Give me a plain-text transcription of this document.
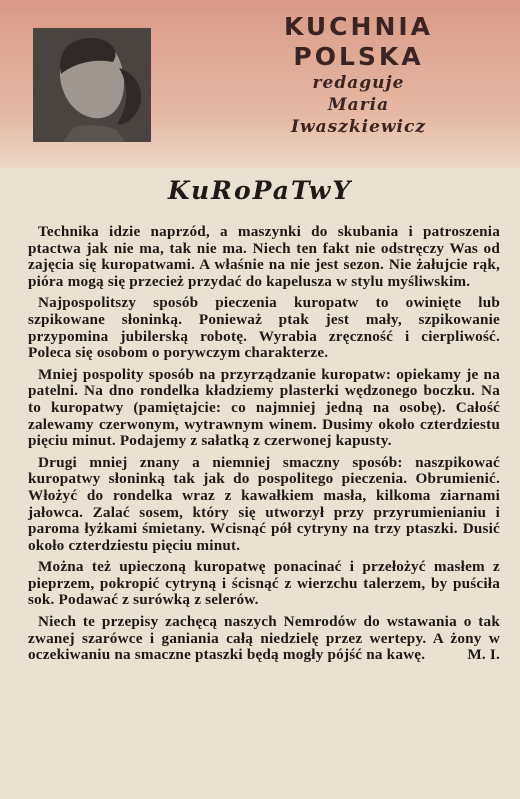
KUCHNIA
POLSKA
redaguje
Maria
Iwaszkiewicz
KuRoPaTwY

Technika idzie naprzód, a maszynki do skubania i patroszenia ptactwa jak nie ma, tak nie ma. Niech ten fakt nie odstręczy Was od zajęcia się kuropatwami. A właśnie na nie jest sezon. Nie żałujcie rąk, pióra mogą się przecież przydać do kapelusza w stylu myśliwskim.

Najpospolitszy sposób pieczenia kuropatw to owinięte lub szpikowane słoninką. Ponieważ ptak jest mały, szpikowanie przypomina jubilerską robotę. Wyrabia zręczność i cierpliwość. Poleca się osobom o porywczym charakterze.

Mniej pospolity sposób na przyrządzanie kuropatw: opiekamy je na patelni. Na dno rondelka kładziemy plasterki wędzonego boczku. Na to kuropatwy (pamiętajcie: co najmniej jedną na osobę). Całość zalewamy czerwonym, wytrawnym winem. Dusimy około czterdziestu pięciu minut. Podajemy z sałatką z czerwonej kapusty.

Drugi mniej znany a niemniej smaczny sposób: naszpikować kuropatwy słoninką tak jak do pospolitego pieczenia. Obrumienić. Włożyć do rondelka wraz z kawałkiem masła, kilkoma ziarnami jałowca. Zalać sosem, który się utworzył przy przyrumienianiu i paroma łyżkami śmietany. Wcisnąć pół cytryny na trzy ptaszki. Dusić około czterdziestu pięciu minut.

Można też upieczoną kuropatwę ponacinać i przełożyć masłem z pieprzem, pokropić cytryną i ścisnąć z wierzchu talerzem, by puściła sok. Podawać z surówką z selerów.

Niech te przepisy zachęcą naszych Nemrodów do wstawania o tak zwanej szarówce i ganiania całą niedzielę przez wertepy. A żony w oczekiwaniu na smaczne ptaszki będą mogły pójść na kawę.	M. I.
